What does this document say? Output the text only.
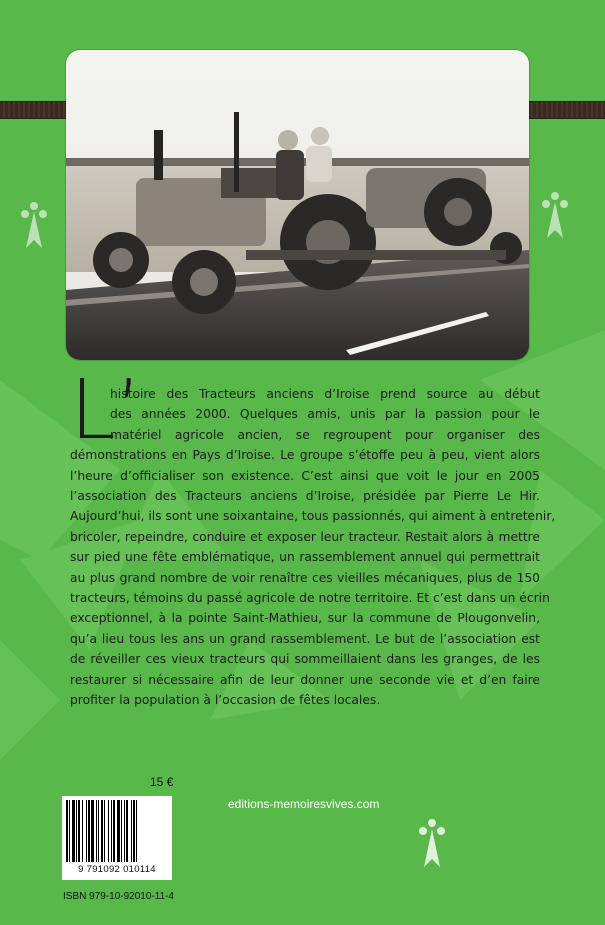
L’
histoire des Tracteurs anciens d’Iroise prend source au début
des années 2000. Quelques amis, unis par la passion pour le
matériel agricole ancien, se regroupent pour organiser des
démonstrations en Pays d’Iroise. Le groupe s’étoffe peu à peu, vient alors
l’heure d’officialiser son existence. C’est ainsi que voit le jour en 2005
l’association des Tracteurs anciens d’Iroise, présidée par Pierre Le Hir.
Aujourd’hui, ils sont une soixantaine, tous passionnés, qui aiment à entretenir,
bricoler, repeindre, conduire et exposer leur tracteur. Restait alors à mettre
sur pied une fête emblématique, un rassemblement annuel qui permettrait
au plus grand nombre de voir renaître ces vieilles mécaniques, plus de 150
tracteurs, témoins du passé agricole de notre territoire. Et c’est dans un écrin
exceptionnel, à la pointe Saint-Mathieu, sur la commune de Plougonvelin,
qu’a lieu tous les ans un grand rassemblement. Le but de l’association est
de réveiller ces vieux tracteurs qui sommeillaient dans les granges, de les
restaurer si nécessaire afin de leur donner une seconde vie et d’en faire
profiter la population à l’occasion de fêtes locales.
15 €
9 791092 010114
ISBN 979-10-92010-11-4
editions-memoiresvives.com
